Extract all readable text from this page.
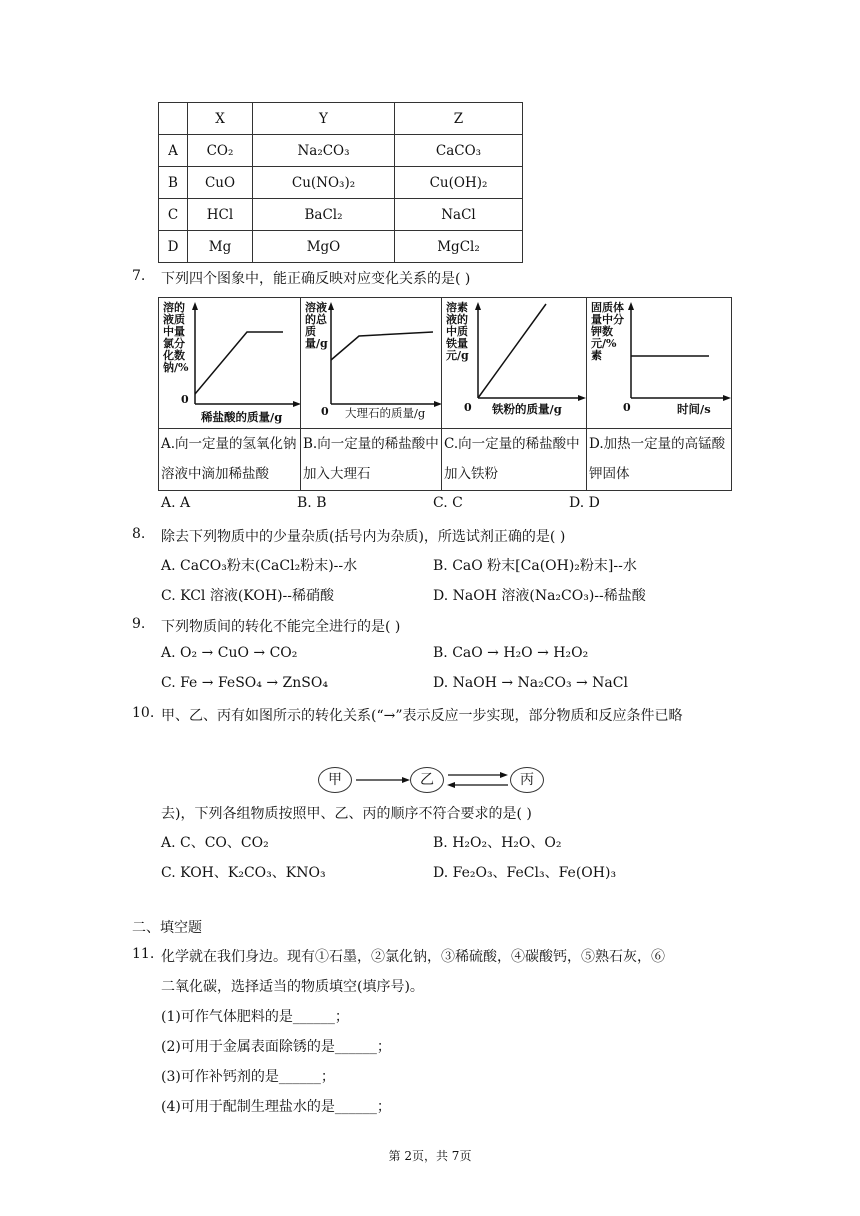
	X	Y	Z
A	CO₂	Na₂CO₃	CaCO₃
B	CuO	Cu(NO₃)₂	Cu(OH)₂
C	HCl	BaCl₂	NaCl
D	Mg	MgO	MgCl₂
7. 下列四个图象中，能正确反映对应变化关系的是( )
溶的液质中量氯分化数钠/%
0
稀盐酸的质量/g
A.向一定量的氢氧化钠溶液中滴加稀盐酸
溶液的总质量/g
0 大理石的质量/g
B.向一定量的稀盐酸中加入大理石
溶素液的中质铁量元/g
0 铁粉的质量/g
C.向一定量的稀盐酸中加入铁粉
固质体量中分钾数元/%素
0	时间/s
D.加热一定量的高锰酸钾固体
A. A	B. B	C. C	D. D
8. 除去下列物质中的少量杂质(括号内为杂质)，所选试剂正确的是( )
A. CaCO₃粉末(CaCl₂粉末)--水	B. CaO 粉末[Ca(OH)₂粉末]--水
C. KCl 溶液(KOH)--稀硝酸	D. NaOH 溶液(Na₂CO₃)--稀盐酸
9. 下列物质间的转化不能完全进行的是( )
A. O₂ → CuO → CO₂	B. CaO → H₂O → H₂O₂
C. Fe → FeSO₄ → ZnSO₄	D. NaOH → Na₂CO₃ → NaCl
10. 甲、乙、丙有如图所示的转化关系(“→”表示反应一步实现，部分物质和反应条件已略
甲	乙	丙
去)，下列各组物质按照甲、乙、丙的顺序不符合要求的是( )
A. C、CO、CO₂	B. H₂O₂、H₂O、O₂
C. KOH、K₂CO₃、KNO₃	D. Fe₂O₃、FeCl₃、Fe(OH)₃
二、填空题
11. 化学就在我们身边。现有①石墨，②氯化钠，③稀硫酸，④碳酸钙，⑤熟石灰，⑥
二氧化碳，选择适当的物质填空(填序号)。
(1)可作气体肥料的是______；
(2)可用于金属表面除锈的是______；
(3)可作补钙剂的是______；
(4)可用于配制生理盐水的是______；
第 2页，共 7页
